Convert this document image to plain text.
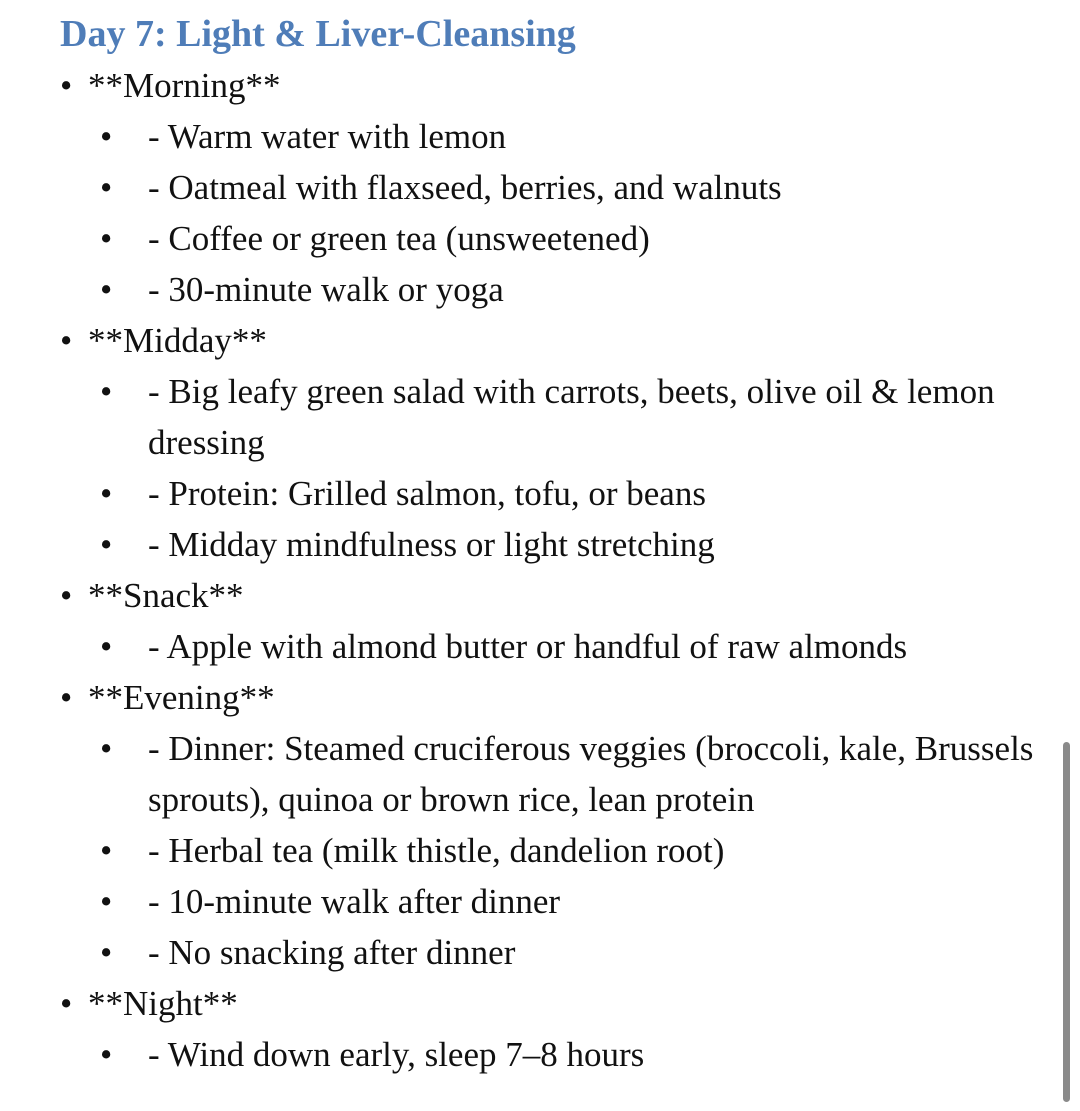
Day 7: Light & Liver-Cleansing
• **Morning**
• - Warm water with lemon
• - Oatmeal with flaxseed, berries, and walnuts
• - Coffee or green tea (unsweetened)
• - 30-minute walk or yoga
• **Midday**
• - Big leafy green salad with carrots, beets, olive oil & lemon dressing
• - Protein: Grilled salmon, tofu, or beans
• - Midday mindfulness or light stretching
• **Snack**
• - Apple with almond butter or handful of raw almonds
• **Evening**
• - Dinner: Steamed cruciferous veggies (broccoli, kale, Brussels sprouts), quinoa or brown rice, lean protein
• - Herbal tea (milk thistle, dandelion root)
• - 10-minute walk after dinner
• - No snacking after dinner
• **Night**
• - Wind down early, sleep 7–8 hours
